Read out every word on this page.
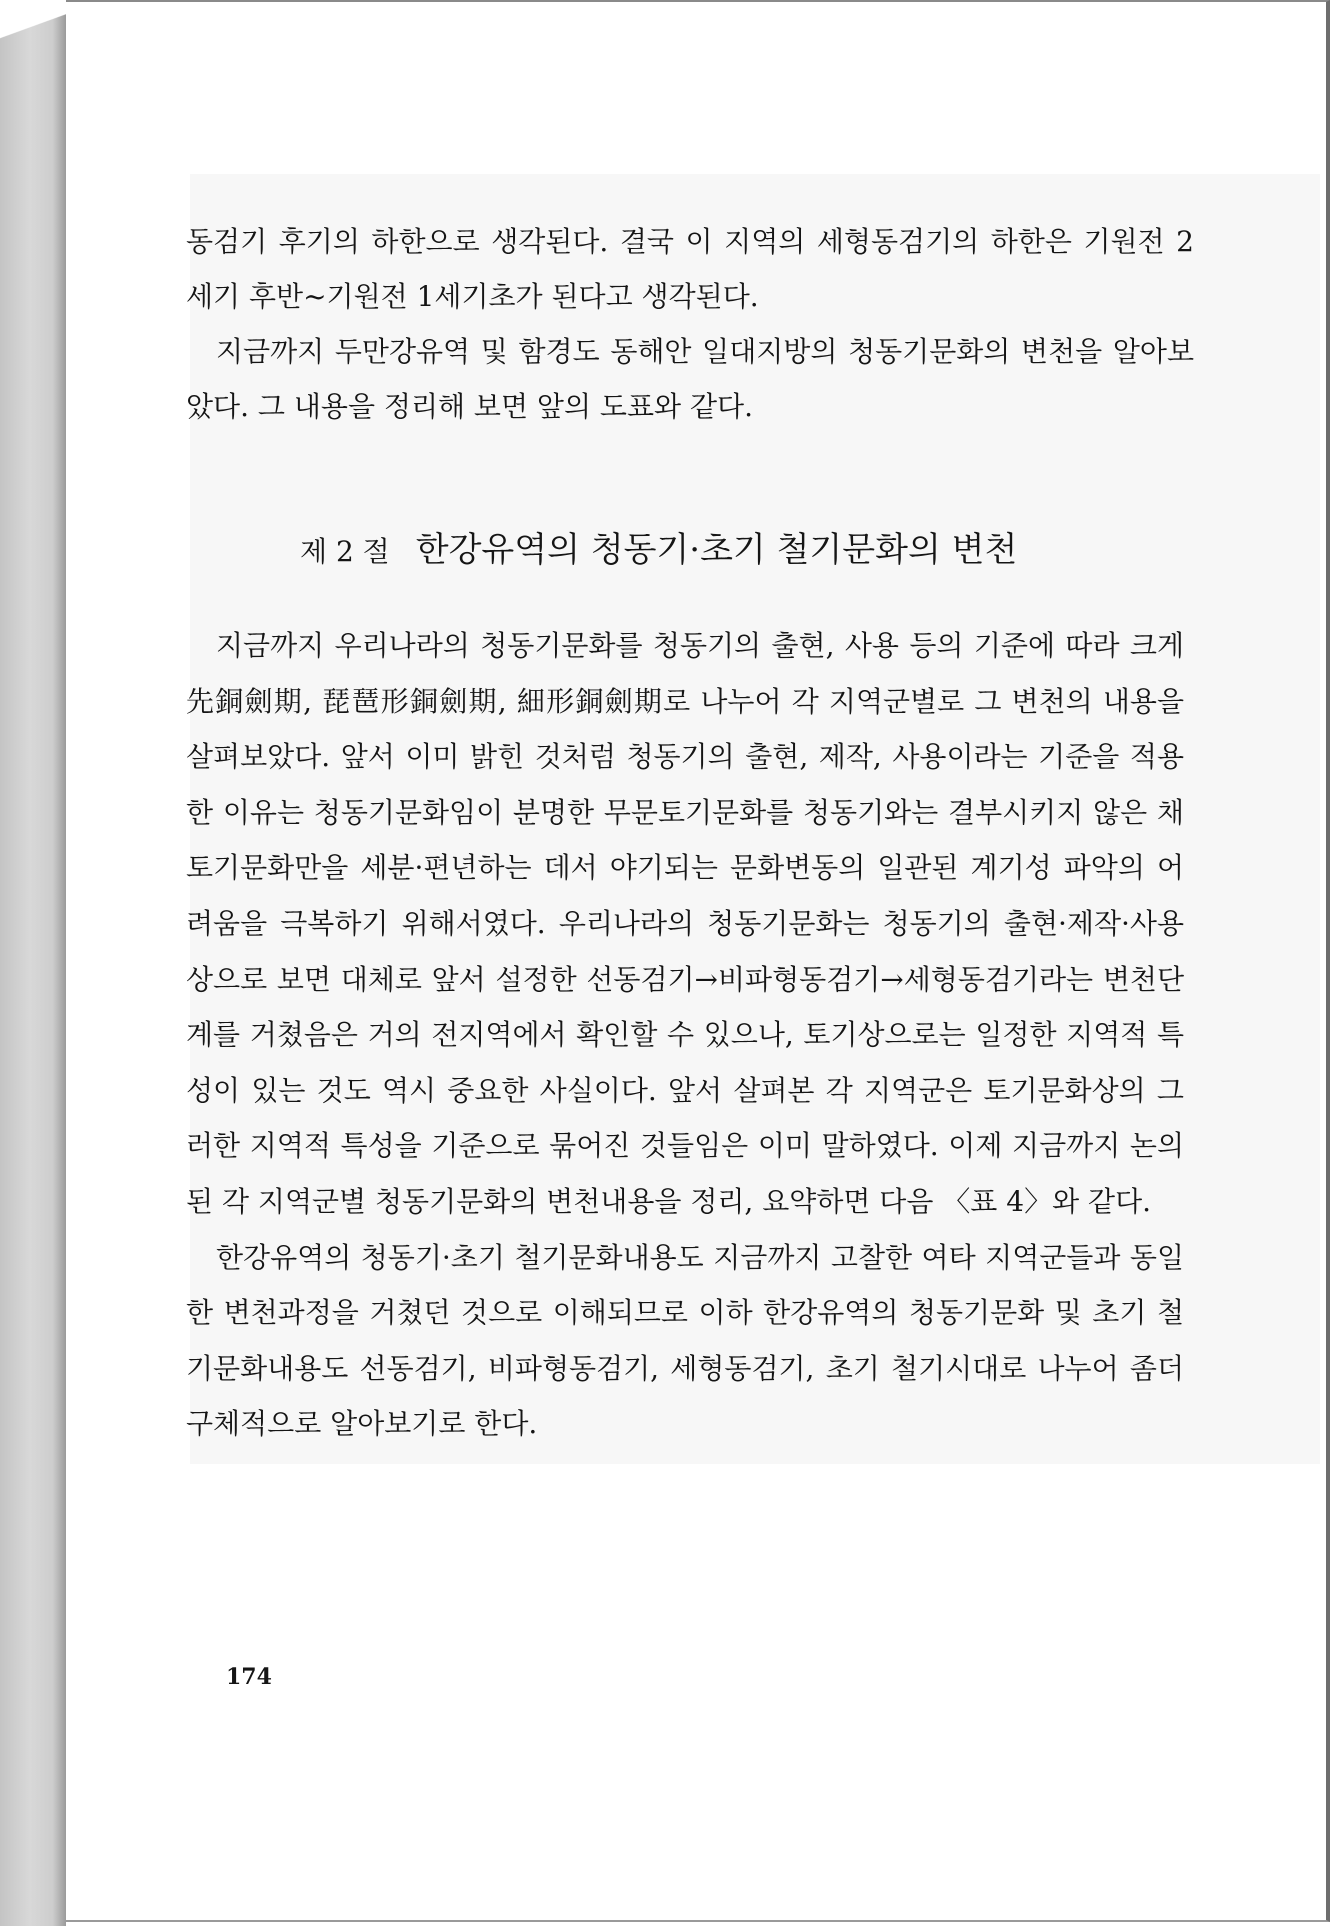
동검기 후기의 하한으로 생각된다. 결국 이 지역의 세형동검기의 하한은 기원전 2세기 후반~기원전 1세기초가 된다고 생각된다.

지금까지 두만강유역 및 함경도 동해안 일대지방의 청동기문화의 변천을 알아보았다. 그 내용을 정리해 보면 앞의 도표와 같다.

제 2 절 한강유역의 청동기·초기 철기문화의 변천

지금까지 우리나라의 청동기문화를 청동기의 출현, 사용 등의 기준에 따라 크게 先銅劍期, 琵琶形銅劍期, 細形銅劍期로 나누어 각 지역군별로 그 변천의 내용을 살펴보았다. 앞서 이미 밝힌 것처럼 청동기의 출현, 제작, 사용이라는 기준을 적용한 이유는 청동기문화임이 분명한 무문토기문화를 청동기와는 결부시키지 않은 채 토기문화만을 세분·편년하는 데서 야기되는 문화변동의 일관된 계기성 파악의 어려움을 극복하기 위해서였다. 우리나라의 청동기문화는 청동기의 출현·제작·사용상으로 보면 대체로 앞서 설정한 선동검기→비파형동검기→세형동검기라는 변천단계를 거쳤음은 거의 전지역에서 확인할 수 있으나, 토기상으로는 일정한 지역적 특성이 있는 것도 역시 중요한 사실이다. 앞서 살펴본 각 지역군은 토기문화상의 그러한 지역적 특성을 기준으로 묶어진 것들임은 이미 말하였다. 이제 지금까지 논의된 각 지역군별 청동기문화의 변천내용을 정리, 요약하면 다음 〈표 4〉와 같다.

한강유역의 청동기·초기 철기문화내용도 지금까지 고찰한 여타 지역군들과 동일한 변천과정을 거쳤던 것으로 이해되므로 이하 한강유역의 청동기문화 및 초기 철기문화내용도 선동검기, 비파형동검기, 세형동검기, 초기 철기시대로 나누어 좀더 구체적으로 알아보기로 한다.

174
